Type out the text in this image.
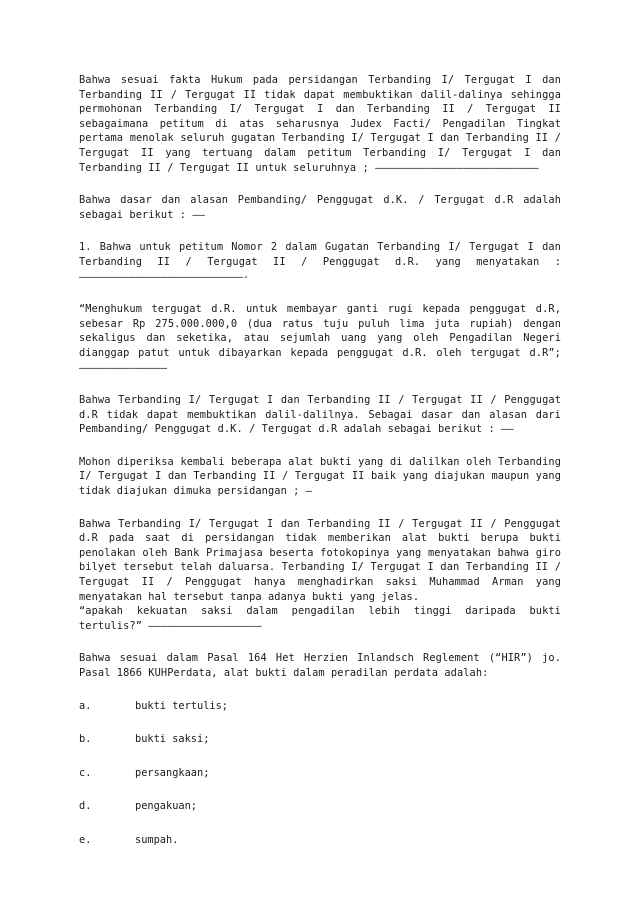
Bahwa sesuai fakta Hukum pada persidangan Terbanding I/ Tergugat I dan Terbanding II / Tergugat II tidak dapat membuktikan dalil-dalinya sehingga permohonan Terbanding I/ Tergugat I dan Terbanding II / Tergugat II sebagaimana petitum di atas seharusnya Judex Facti/ Pengadilan Tingkat pertama menolak seluruh gugatan Terbanding I/ Tergugat I dan Terbanding II / Tergugat II yang tertuang dalam petitum Terbanding I/ Tergugat I dan Terbanding II / Tergugat II untuk seluruhnya ; ——————————————————————————

Bahwa dasar dan alasan Pembanding/ Penggugat d.K. / Tergugat d.R adalah sebagai berikut : ——

1. Bahwa untuk petitum Nomor 2 dalam Gugatan Terbanding I/ Tergugat I dan Terbanding II / Tergugat II / Penggugat d.R. yang menyatakan : ——————————————————————————-

“Menghukum tergugat d.R. untuk membayar ganti rugi kepada penggugat d.R, sebesar Rp 275.000.000,0 (dua ratus tuju puluh lima juta rupiah) dengan sekaligus dan seketika, atau sejumlah uang yang oleh Pengadilan Negeri dianggap patut untuk dibayarkan kepada penggugat d.R. oleh tergugat d.R”; ——————————————

Bahwa Terbanding I/ Tergugat I dan Terbanding II / Tergugat II / Penggugat d.R tidak dapat membuktikan dalil-dalilnya. Sebagai dasar dan alasan dari Pembanding/ Penggugat d.K. / Tergugat d.R adalah sebagai berikut : ——

Mohon diperiksa kembali beberapa alat bukti yang di dalilkan oleh Terbanding I/ Tergugat I dan Terbanding II / Tergugat II baik yang diajukan maupun yang tidak diajukan dimuka persidangan ; —

Bahwa Terbanding I/ Tergugat I dan Terbanding II / Tergugat II / Penggugat d.R pada saat di persidangan tidak memberikan alat bukti berupa bukti penolakan oleh Bank Primajasa beserta fotokopinya yang menyatakan bahwa giro bilyet tersebut telah daluarsa. Terbanding I/ Tergugat I dan Terbanding II / Tergugat II / Penggugat hanya menghadirkan saksi Muhammad Arman yang menyatakan hal tersebut tanpa adanya bukti yang jelas.

“apakah kekuatan saksi dalam pengadilan lebih tinggi daripada bukti tertulis?” ——————————————————

Bahwa sesuai dalam Pasal 164 Het Herzien Inlandsch Reglement (“HIR”) jo. Pasal 1866 KUHPerdata, alat bukti dalam peradilan perdata adalah:

a.	bukti tertulis;
b.	bukti saksi;
c.	persangkaan;
d.	pengakuan;
e.	sumpah.
